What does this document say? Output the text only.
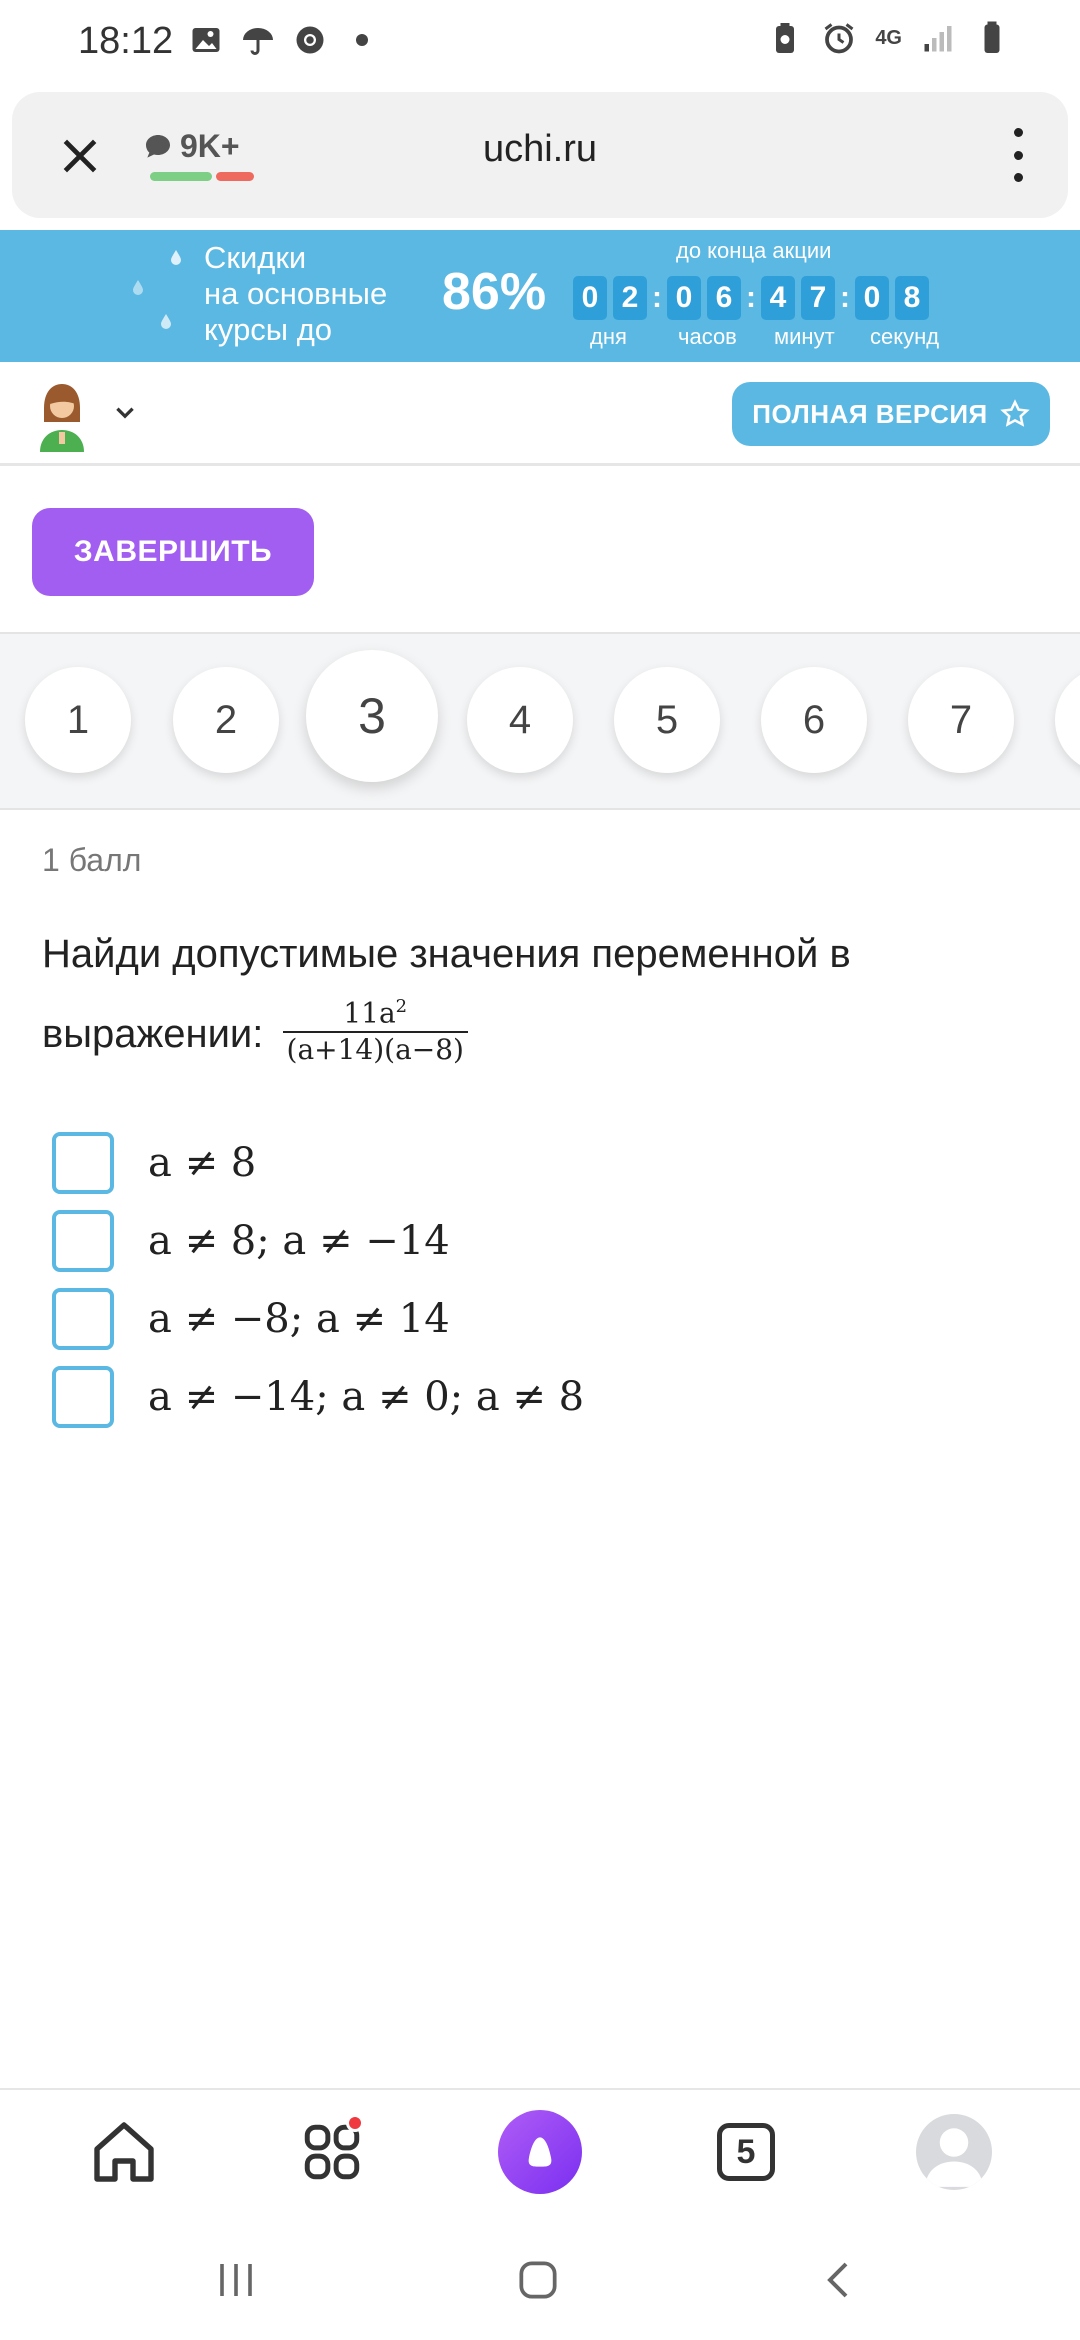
18:12	4G
9K+	uchi.ru
Скидки
на основные
курсы до
86%
до конца акции
0 2 : 0 6 : 4 7 : 0 8
дня часов минут секунд
ПОЛНАЯ ВЕРСИЯ
ЗАВЕРШИТЬ
1	2	3	4	5	6	7
1 балл
Найди допустимые значения переменной в
выражении: $\frac{11a^2}{(a+14)(a-8)}$
a ≠ 8
a ≠ 8; a ≠ −14
a ≠ −8; a ≠ 14
a ≠ −14; a ≠ 0; a ≠ 8
5
